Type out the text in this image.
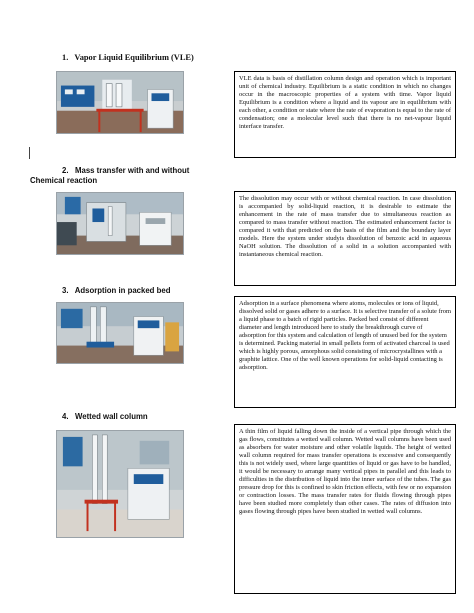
1. Vapor Liquid Equilibrium (VLE)
VLE data is basis of distillation column design and operation which is important unit of chemical industry. Equilibrium is a static condition in which no changes occur in the macroscopic properties of a system with time. Vapor liquid Equilibrium is a condition where a liquid and its vapour are in equilibrium with each other, a condition or state where the rate of evaporation is equal to the rate of condensation; one a molecular level such that there is no net-vapour liquid interface transfer.
2. Mass transfer with and without
Chemical reaction
The dissolution may occur with or without chemical reaction. In case dissolution is accompanied by solid-liquid reaction, it is desirable to estimate the enhancement in the rate of mass transfer due to simultaneous reaction as compared to mass transfer without reaction. The estimated enhancement factor is compared it with that predicted on the basis of the film and the boundary layer models. Here the system under studyis dissolution of benzoic acid in aqueous NaOH solution. The dissolution of a solid in a solution accompanied with instantaneous chemical reaction.
3. Adsorption in packed bed
Adsorption in a surface phenomena where atoms, molecules or ions of liquid, dissolved solid or gases adhere to a surface. It is selective transfer of a solute from a liquid phase to a batch of rigid particles. Packed bed consist of different diameter and length introduced here to study the breakthrough curve of adsorption for this system and calculation of length of unused bed for the system is determined. Packing material in small pellets form of activated charcoal is used which is highly porous, amorphous solid consisting of microcrystallines with a graphite lattice. One of the well known operations for solid-liquid contacting is adsorption.
4. Wetted wall column
A thin film of liquid falling down the inside of a vertical pipe through which the gas flows, constitutes a wetted wall column. Wetted wall columns have been used as absorbers for water moisture and other volatile liquids. The height of wetted wall column required for mass transfer operations is excessive and consequently this is not widely used, where large quantities of liquid or gas have to be handled, it would be necessary to arrange many vertical pipes in parallel and this leads to difficulties in the distribution of liquid into the inner surface of the tubes. The gas pressure drop for this is confined to skin friction effects, with few or no expansion or contraction losses. The mass transfer rates for fluids flowing through pipes have been studied more completely than other cases. The rates of diffusion into gases flowing through pipes have been studied in wetted wall columns.
